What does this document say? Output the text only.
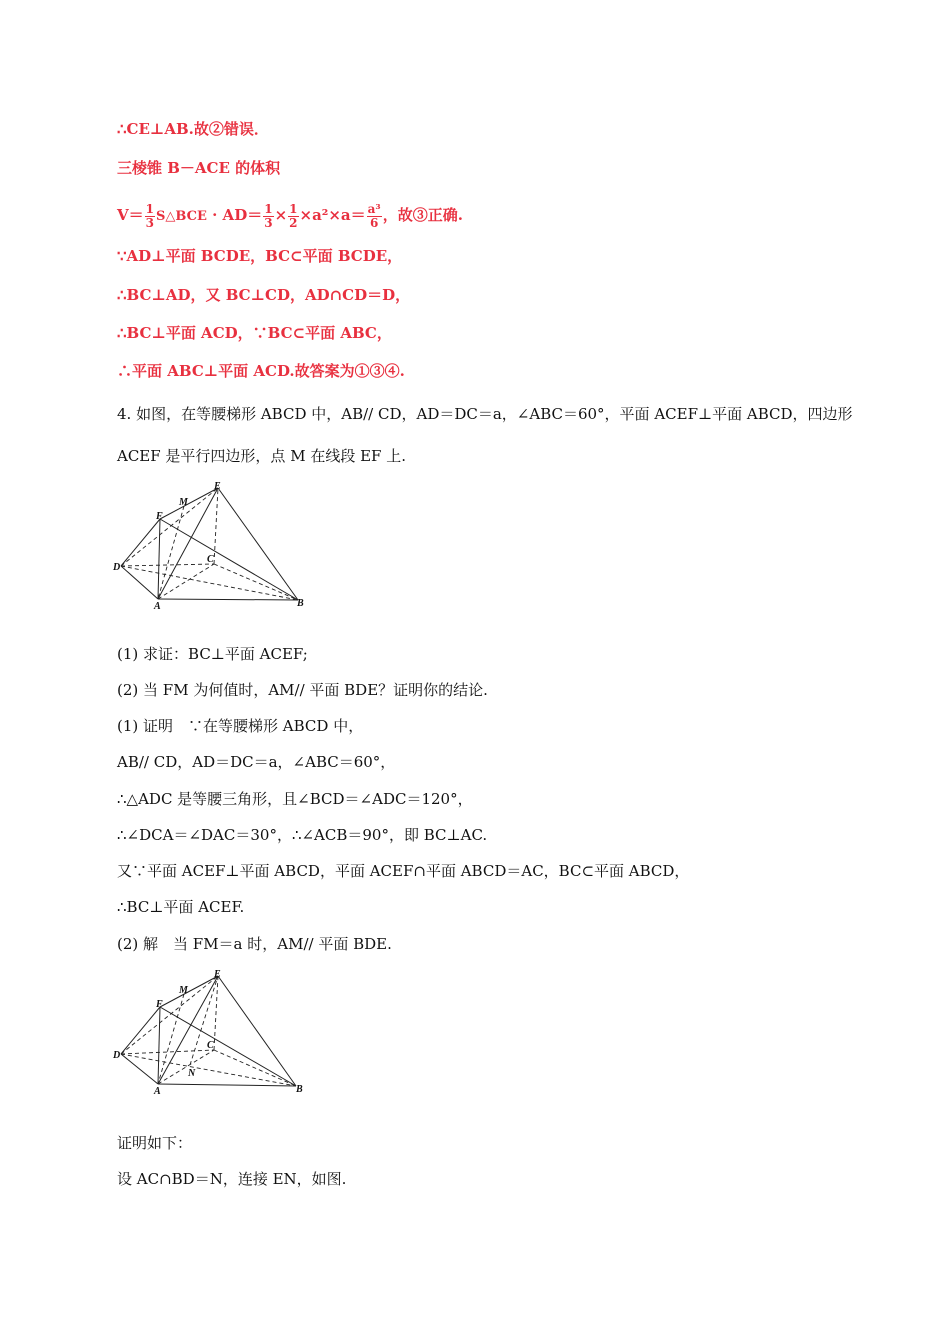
∴CE⊥AB.故②错误．
三棱锥 B－ACE 的体积
$V= \frac{1}{3}$ S△BCE · $AD= \frac{1}{3} \times \frac{1}{2} \times a^2\times a= \frac{\text{a³}}{6}$ ，故③正确.
∵AD⊥平面 BCDE，BC⊂平面 BCDE，
∴BC⊥AD，又 BC⊥CD，AD∩CD＝D，
∴BC⊥平面 ACD，∵BC⊂平面 ABC，
∴平面 ABC⊥平面 ACD.故答案为①③④.
4. 如图，在等腰梯形 ABCD 中，AB// CD，AD＝DC＝a，∠ABC＝60°，平面 ACEF⊥平面 ABCD，四边形
ACEF 是平行四边形，点 M 在线段 EF 上.
E
M
F
C
D
A	B
(1) 求证：BC⊥平面 ACEF;
(2) 当 FM 为何值时，AM// 平面 BDE？证明你的结论.
(1) 证明　∵在等腰梯形 ABCD 中，
AB// CD，AD＝DC＝a，∠ABC＝60°，
∴△ADC 是等腰三角形，且∠BCD＝∠ADC＝120°，
∴∠DCA＝∠DAC＝30°，∴∠ACB＝90°，即 BC⊥AC.
又∵平面 ACEF⊥平面 ABCD，平面 ACEF∩平面 ABCD＝AC，BC⊂平面 ABCD，
∴BC⊥平面 ACEF.
(2) 解　当 FM＝a 时，AM// 平面 BDE.
E
M
F
C
D
A	B
N
证明如下：
设 AC∩BD＝N，连接 EN，如图.
